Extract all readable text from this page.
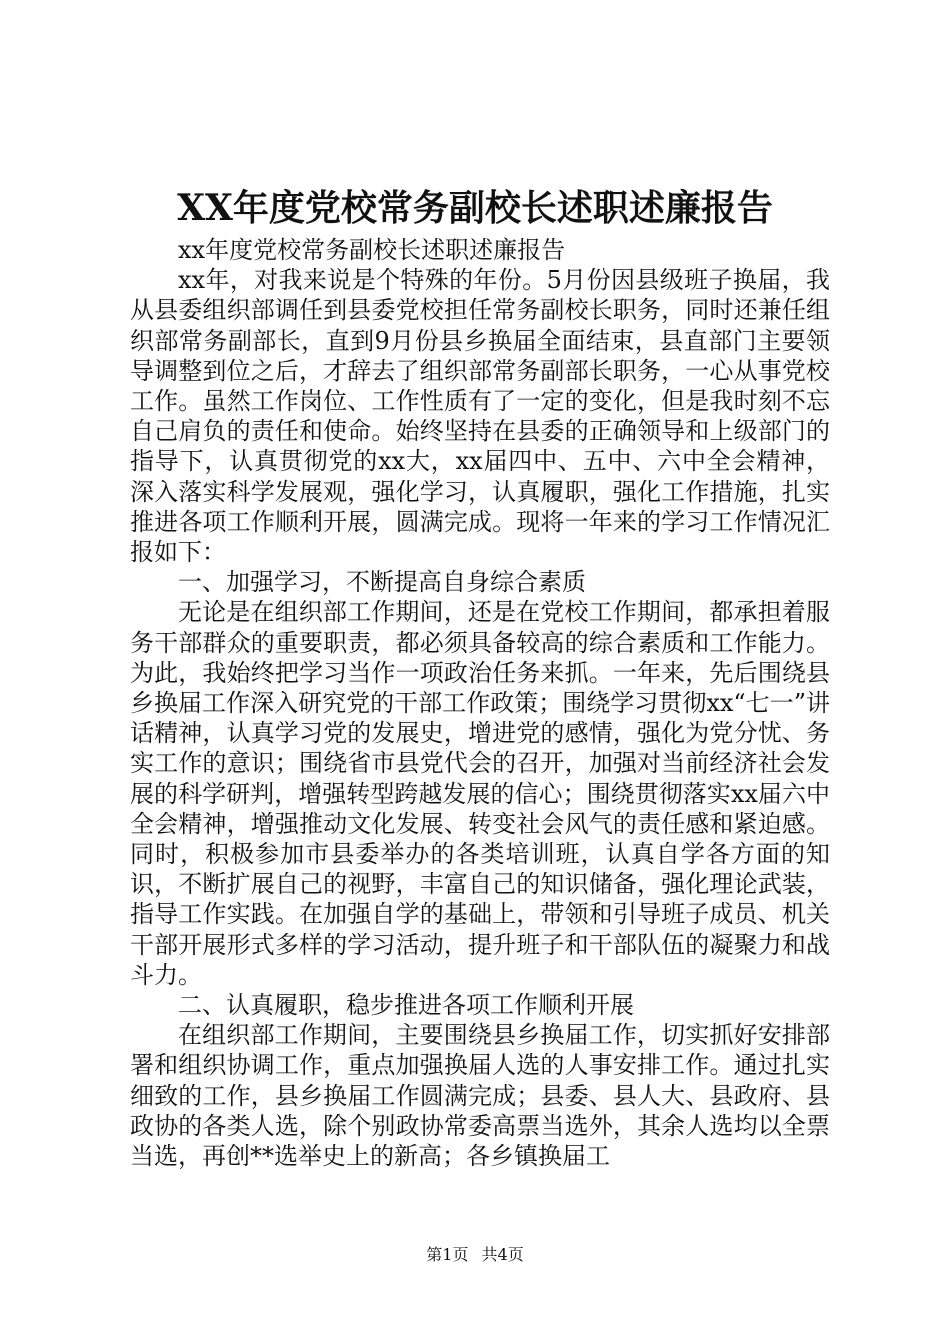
XX年度党校常务副校长述职述廉报告

xx年度党校常务副校长述职述廉报告

xx年，对我来说是个特殊的年份。5月份因县级班子换届，我从县委组织部调任到县委党校担任常务副校长职务，同时还兼任组织部常务副部长，直到9月份县乡换届全面结束，县直部门主要领导调整到位之后，才辞去了组织部常务副部长职务，一心从事党校工作。虽然工作岗位、工作性质有了一定的变化，但是我时刻不忘自己肩负的责任和使命。始终坚持在县委的正确领导和上级部门的指导下，认真贯彻党的xx大，xx届四中、五中、六中全会精神，深入落实科学发展观，强化学习，认真履职，强化工作措施，扎实推进各项工作顺利开展，圆满完成。现将一年来的学习工作情况汇报如下：

一、加强学习，不断提高自身综合素质

无论是在组织部工作期间，还是在党校工作期间，都承担着服务干部群众的重要职责，都必须具备较高的综合素质和工作能力。为此，我始终把学习当作一项政治任务来抓。一年来，先后围绕县乡换届工作深入研究党的干部工作政策；围绕学习贯彻xx“七一”讲话精神，认真学习党的发展史，增进党的感情，强化为党分忧、务实工作的意识；围绕省市县党代会的召开，加强对当前经济社会发展的科学研判，增强转型跨越发展的信心；围绕贯彻落实xx届六中全会精神，增强推动文化发展、转变社会风气的责任感和紧迫感。同时，积极参加市县委举办的各类培训班，认真自学各方面的知识，不断扩展自己的视野，丰富自己的知识储备，强化理论武装，指导工作实践。在加强自学的基础上，带领和引导班子成员、机关干部开展形式多样的学习活动，提升班子和干部队伍的凝聚力和战斗力。

二、认真履职，稳步推进各项工作顺利开展

在组织部工作期间，主要围绕县乡换届工作，切实抓好安排部署和组织协调工作，重点加强换届人选的人事安排工作。通过扎实细致的工作，县乡换届工作圆满完成；县委、县人大、县政府、县政协的各类人选，除个别政协常委高票当选外，其余人选均以全票当选，再创**选举史上的新高；各乡镇换届工

第1页 共4页
